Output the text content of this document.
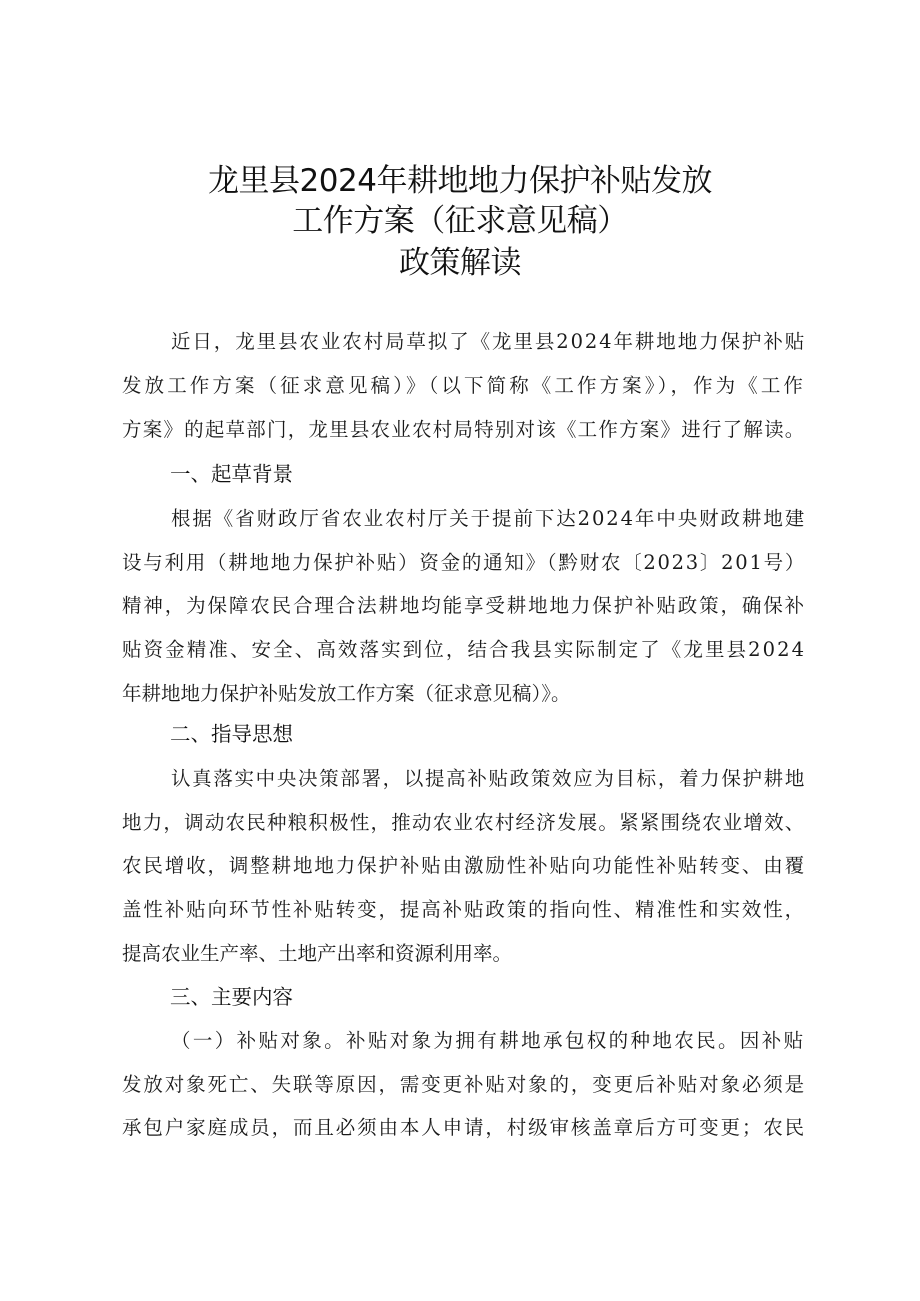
龙里县2024年耕地地力保护补贴发放
工作方案（征求意见稿）
政策解读
近日，龙里县农业农村局草拟了《龙里县2024年耕地地力保护补贴
发放工作方案（征求意见稿）》（以下简称《工作方案》），作为《工作
方案》的起草部门，龙里县农业农村局特别对该《工作方案》进行了解读。
一、起草背景
根据《省财政厅省农业农村厅关于提前下达2024年中央财政耕地建
设与利用（耕地地力保护补贴）资金的通知》（黔财农〔2023〕201号）
精神，为保障农民合理合法耕地均能享受耕地地力保护补贴政策，确保补
贴资金精准、安全、高效落实到位，结合我县实际制定了《龙里县2024
年耕地地力保护补贴发放工作方案（征求意见稿）》。
二、指导思想
认真落实中央决策部署，以提高补贴政策效应为目标，着力保护耕地
地力，调动农民种粮积极性，推动农业农村经济发展。紧紧围绕农业增效、
农民增收，调整耕地地力保护补贴由激励性补贴向功能性补贴转变、由覆
盖性补贴向环节性补贴转变，提高补贴政策的指向性、精准性和实效性，
提高农业生产率、土地产出率和资源利用率。
三、主要内容
（一）补贴对象。补贴对象为拥有耕地承包权的种地农民。因补贴
发放对象死亡、失联等原因，需变更补贴对象的，变更后补贴对象必须是
承包户家庭成员，而且必须由本人申请，村级审核盖章后方可变更；农民
